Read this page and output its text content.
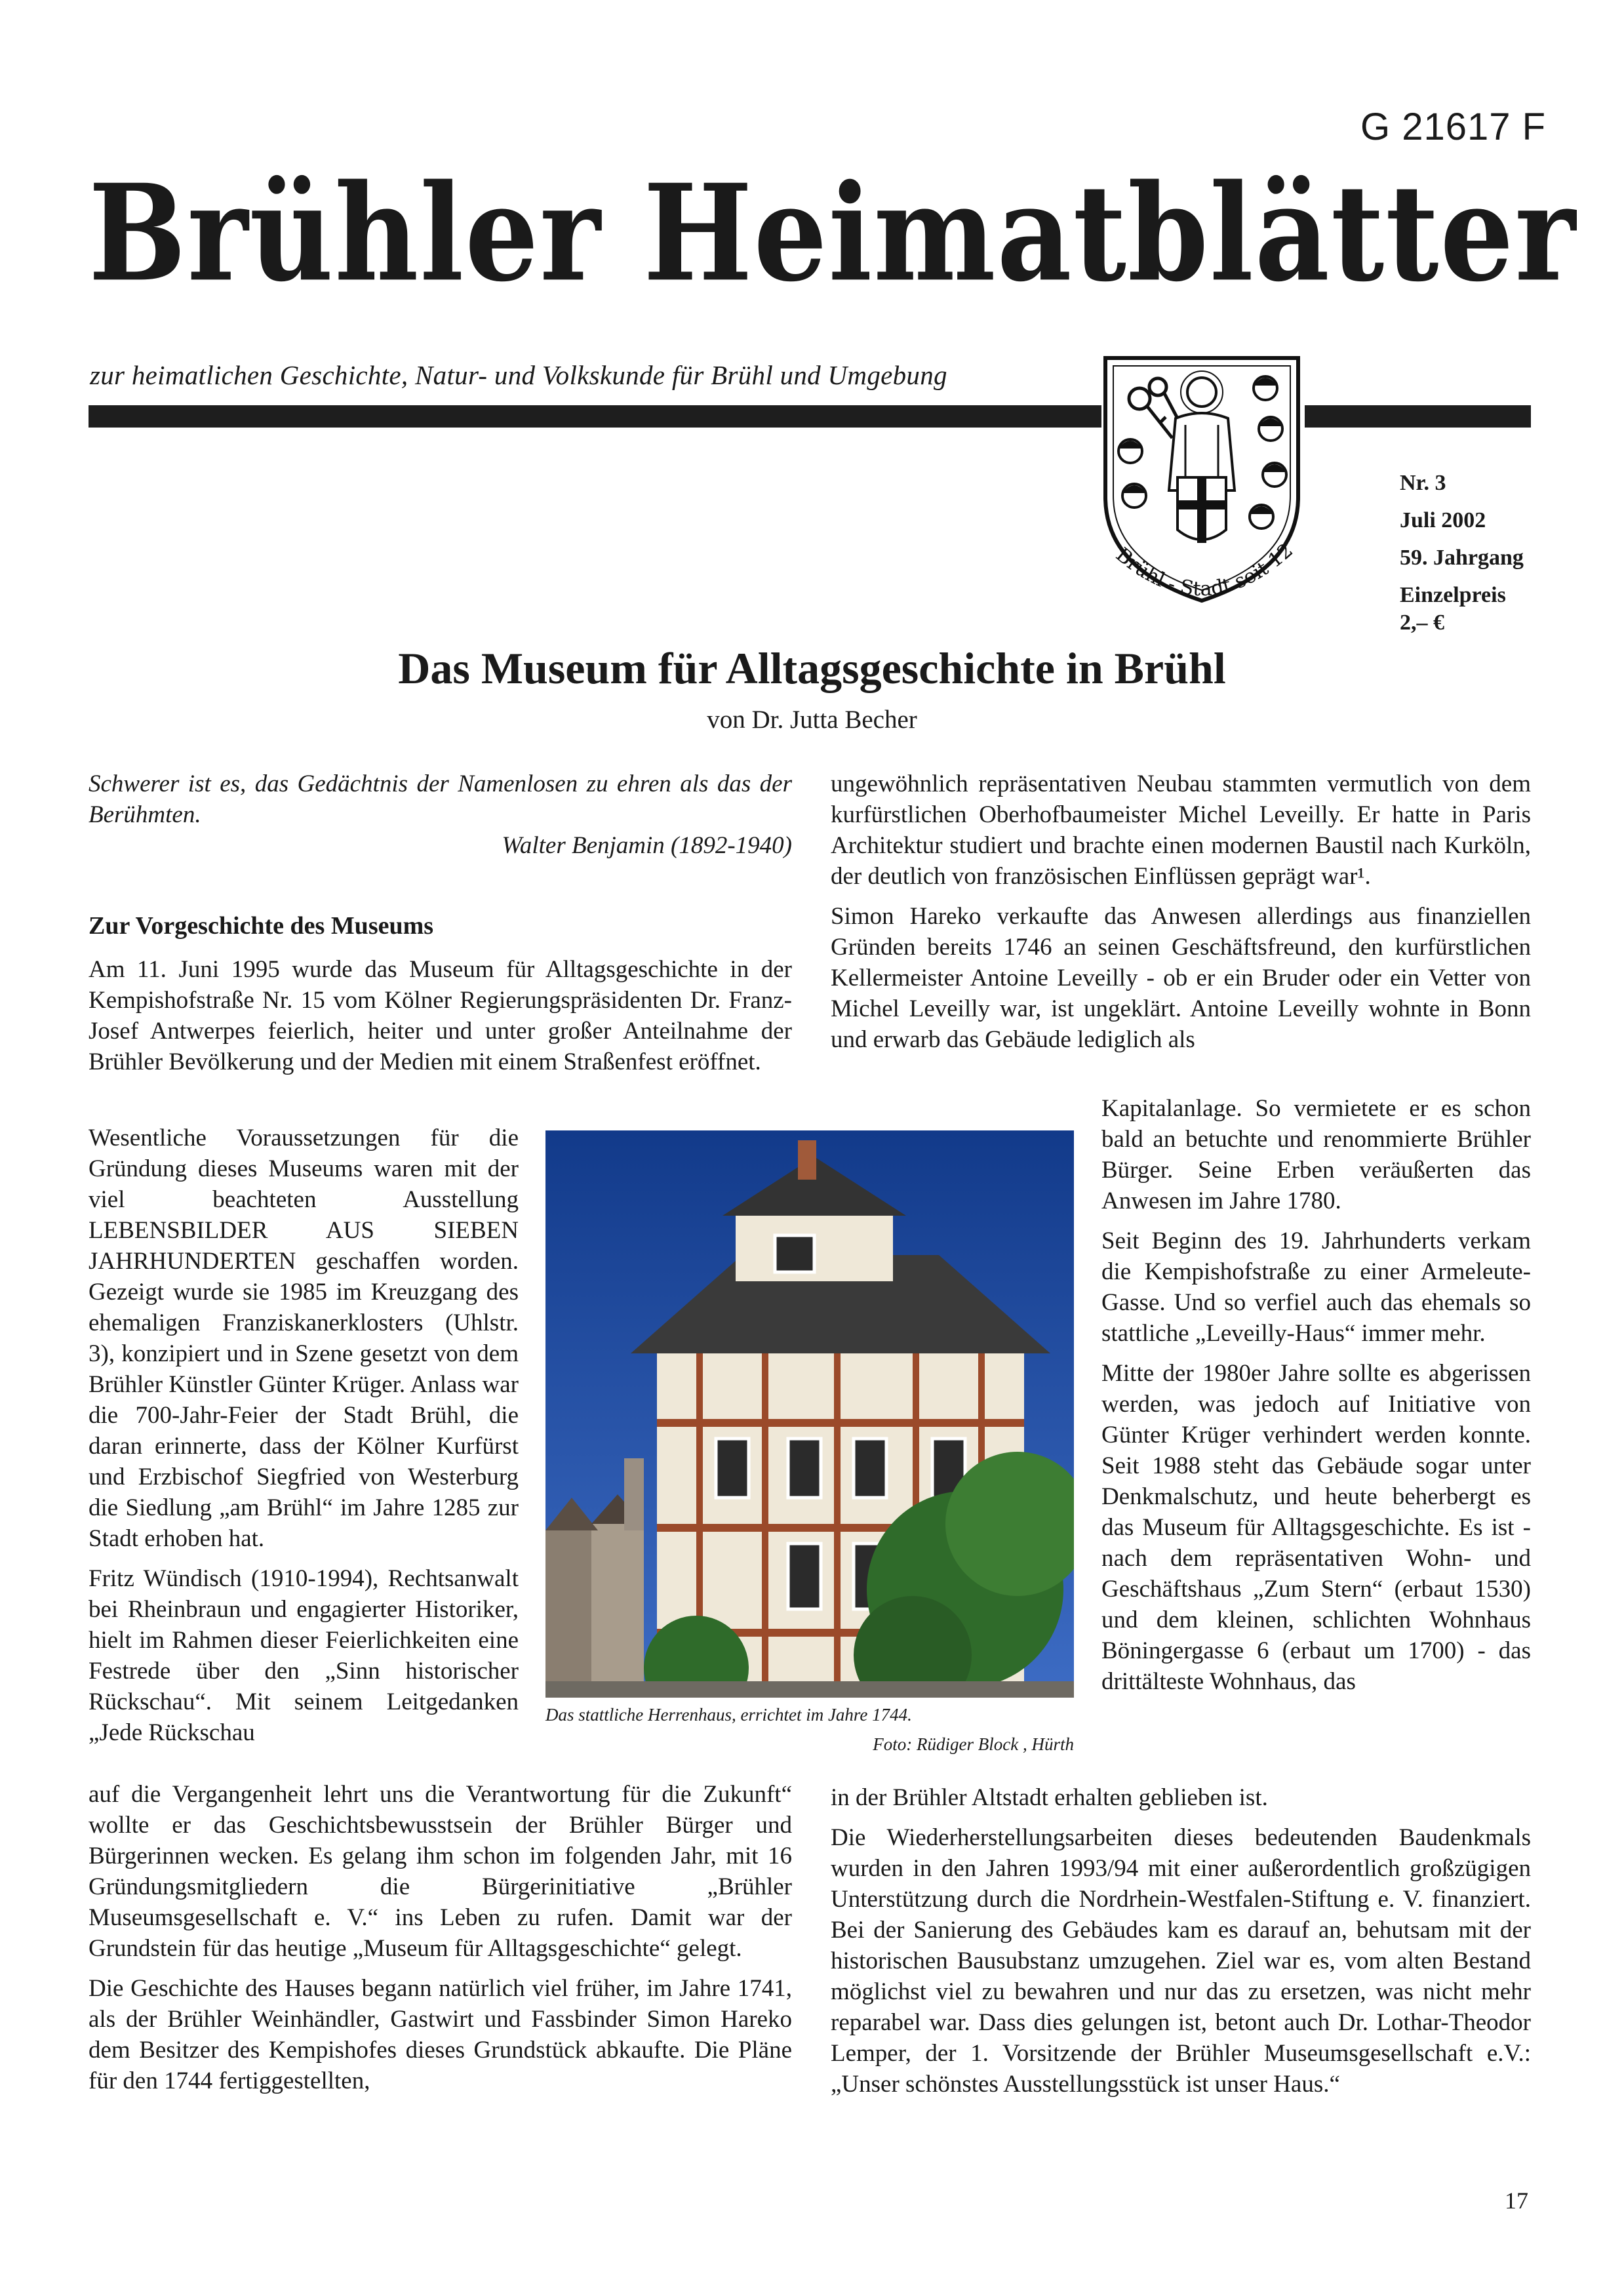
G 21617 F
Brühler Heimatblätter
zur heimatlichen Geschichte, Natur- und Volkskunde für Brühl und Umgebung
Brühl - Stadt seit 12
Nr. 3
Juli 2002
59. Jahrgang
Einzelpreis
2,– €
Das Museum für Alltagsgeschichte in Brühl
von Dr. Jutta Becher
Schwerer ist es, das Gedächtnis der Namenlosen zu ehren als das der Berühmten.
Walter Benjamin (1892-1940)
Zur Vorgeschichte des Museums

Am 11. Juni 1995 wurde das Museum für Alltagsgeschichte in der Kempishofstraße Nr. 15 vom Kölner Regierungspräsidenten Dr. Franz-Josef Antwerpes feierlich, heiter und unter großer Anteilnahme der Brühler Bevölkerung und der Medien mit einem Straßenfest eröffnet.

Wesentliche Voraussetzungen für die Gründung dieses Museums waren mit der viel beachteten Ausstellung LEBENSBILDER AUS SIEBEN JAHRHUNDERTEN geschaffen worden. Gezeigt wurde sie 1985 im Kreuzgang des ehemaligen Franziskanerklosters (Uhlstr. 3), konzipiert und in Szene gesetzt von dem Brühler Künstler Günter Krüger. Anlass war die 700-Jahr-Feier der Stadt Brühl, die daran erinnerte, dass der Kölner Kurfürst und Erzbischof Siegfried von Westerburg die Siedlung „am Brühl“ im Jahre 1285 zur Stadt erhoben hat.

Fritz Wündisch (1910-1994), Rechtsanwalt bei Rheinbraun und engagierter Historiker, hielt im Rahmen dieser Feierlichkeiten eine Festrede über den „Sinn historischer Rückschau“. Mit seinem Leitgedanken „Jede Rückschau

auf die Vergangenheit lehrt uns die Verantwortung für die Zukunft“ wollte er das Geschichtsbewusstsein der Brühler Bürger und Bürgerinnen wecken. Es gelang ihm schon im folgenden Jahr, mit 16 Gründungsmitgliedern die Bürgerinitiative „Brühler Museumsgesellschaft e. V.“ ins Leben zu rufen. Damit war der Grundstein für das heutige „Museum für Alltagsgeschichte“ gelegt.

Die Geschichte des Hauses begann natürlich viel früher, im Jahre 1741, als der Brühler Weinhändler, Gastwirt und Fassbinder Simon Hareko dem Besitzer des Kempishofes dieses Grundstück abkaufte. Die Pläne für den 1744 fertiggestellten,

Das stattliche Herrenhaus, errichtet im Jahre 1744.
Foto: Rüdiger Block , Hürth

ungewöhnlich repräsentativen Neubau stammten vermutlich von dem kurfürstlichen Oberhofbaumeister Michel Leveilly. Er hatte in Paris Architektur studiert und brachte einen modernen Baustil nach Kurköln, der deutlich von französischen Einflüssen geprägt war¹.

Simon Hareko verkaufte das Anwesen allerdings aus finanziellen Gründen bereits 1746 an seinen Geschäftsfreund, den kurfürstlichen Kellermeister Antoine Leveilly - ob er ein Bruder oder ein Vetter von Michel Leveilly war, ist ungeklärt. Antoine Leveilly wohnte in Bonn und erwarb das Gebäude lediglich als

Kapitalanlage. So vermietete er es schon bald an betuchte und renommierte Brühler Bürger. Seine Erben veräußerten das Anwesen im Jahre 1780.

Seit Beginn des 19. Jahrhunderts verkam die Kempishofstraße zu einer Armeleute-Gasse. Und so verfiel auch das ehemals so stattliche „Leveilly-Haus“ immer mehr.

Mitte der 1980er Jahre sollte es abgerissen werden, was jedoch auf Initiative von Günter Krüger verhindert werden konnte. Seit 1988 steht das Gebäude sogar unter Denkmalschutz, und heute beherbergt es das Museum für Alltagsgeschichte. Es ist - nach dem repräsentativen Wohn- und Geschäftshaus „Zum Stern“ (erbaut 1530) und dem kleinen, schlichten Wohnhaus Böningergasse 6 (erbaut um 1700) - das drittälteste Wohnhaus, das

in der Brühler Altstadt erhalten geblieben ist.

Die Wiederherstellungsarbeiten dieses bedeutenden Baudenkmals wurden in den Jahren 1993/94 mit einer außerordentlich großzügigen Unterstützung durch die Nordrhein-Westfalen-Stiftung e. V. finanziert. Bei der Sanierung des Gebäudes kam es darauf an, behutsam mit der historischen Bausubstanz umzugehen. Ziel war es, vom alten Bestand möglichst viel zu bewahren und nur das zu ersetzen, was nicht mehr reparabel war. Dass dies gelungen ist, betont auch Dr. Lothar-Theodor Lemper, der 1. Vorsitzende der Brühler Museumsgesellschaft e.V.: „Unser schönstes Ausstellungsstück ist unser Haus.“

17
